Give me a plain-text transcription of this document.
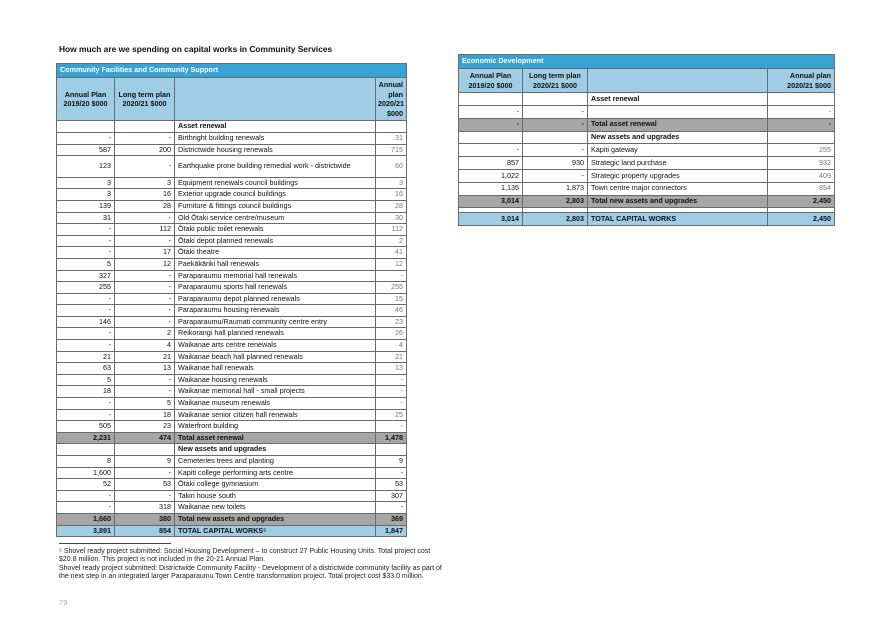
How much are we spending on capital works in Community Services
Community Facilities and Community Support			
Annual Plan 2019/20 $000	Long term plan 2020/21 $000		Annual plan 2020/21 $000
		Asset renewal	
-	-	Birthright building renewals	31
587	200	Districtwide housing renewals	715
123	-	Earthquake prone building remedial work - districtwide	60
3	3	Equipment renewals council buildings	3
3	16	Exterior upgrade council buildings	16
139	28	Furniture & fittings council buildings	28
31	-	Old Ōtaki service centre/museum	30
-	112	Ōtaki public toilet renewals	112
-	-	Ōtaki depot planned renewals	2
-	17	Ōtaki theatre	41
5	12	Paekākāriki hall renewals	12
327	-	Paraparaumu memorial hall renewals	-
255	-	Paraparaumu sports hall renewals	255
-	-	Paraparaumu depot planned renewals	15
-	-	Paraparaumu housing renewals	46
146	-	Paraparaumu/Raumati community centre entry	23
-	2	Reikorangi hall planned renewals	26
-	4	Waikanae arts centre renewals	4
21	21	Waikanae beach hall planned renewals	21
63	13	Waikanae hall renewals	13
5	-	Waikanae housing renewals	-
18	-	Waikanae memorial hall - small projects	-
-	5	Waikanae museum renewals	-
-	18	Waikanae senior citizen hall renewals	25
505	23	Waterfront building	-
2,231	474	Total asset renewal	1,478
		New assets and upgrades	
8	9	Cemeteries trees and planting	9
1,600	-	Kapiti college performing arts centre	-
52	53	Ōtaki college gymnasium	53
-	-	Takiri house south	307
-	318	Waikanae new toilets	-
1,660	380	Total new assets and upgrades	369
3,891	854	TOTAL CAPITAL WORKS⁵	1,847
Economic Development			
Annual Plan 2019/20 $000	Long term plan 2020/21 $000		Annual plan 2020/21 $000
		Asset renewal	
-	-		-
-	-	Total asset renewal	-
		New assets and upgrades	
-	-	Kapiti gateway	255
857	930	Strategic land purchase	932
1,022	-	Strategic property upgrades	409
1,135	1,873	Town centre major connectors	854
3,014	2,803	Total new assets and upgrades	2,450

3,014	2,803	TOTAL CAPITAL WORKS	2,450
⁵ Shovel ready project submitted: Social Housing Development – to construct 27 Public Housing Units. Total project cost $20.8 million. This project is not included in the 20-21 Annual Plan.
Shovel ready project submitted: Districtwide Community Facility - Development of a districtwide community facility as part of the next step in an integrated larger Paraparaumu Town Centre transformation project. Total project cost $33.0 million.
79
